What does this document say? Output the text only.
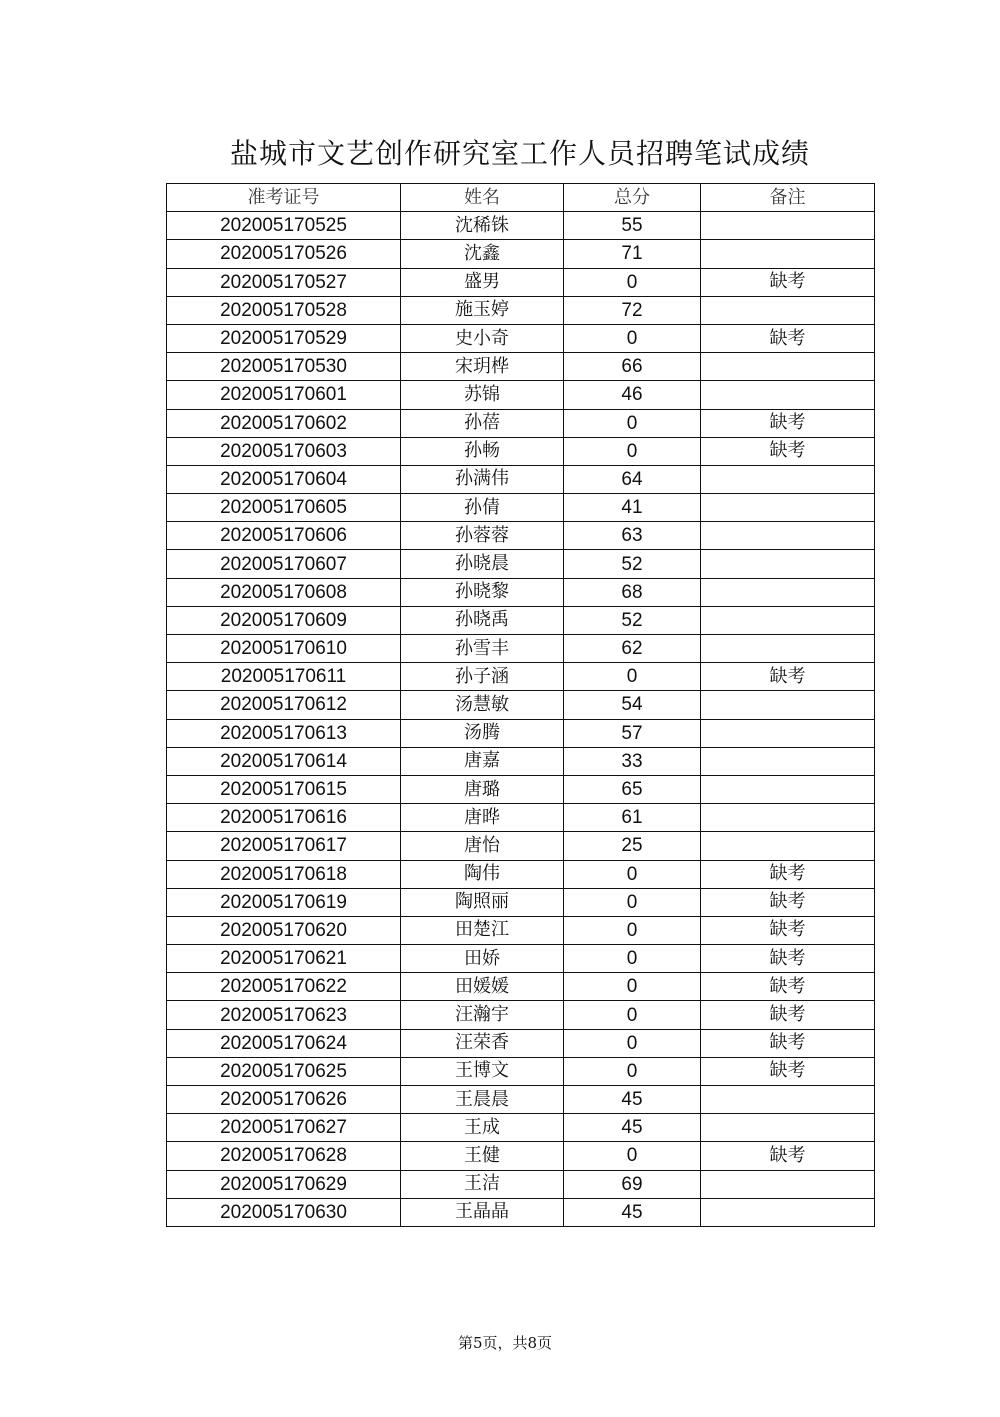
盐城市文艺创作研究室工作人员招聘笔试成绩
准考证号	姓名	总分	备注
202005170525	沈稀铢	55	
202005170526	沈鑫	71	
202005170527	盛男	0	缺考
202005170528	施玉婷	72	
202005170529	史小奇	0	缺考
202005170530	宋玥桦	66	
202005170601	苏锦	46	
202005170602	孙蓓	0	缺考
202005170603	孙畅	0	缺考
202005170604	孙满伟	64	
202005170605	孙倩	41	
202005170606	孙蓉蓉	63	
202005170607	孙晓晨	52	
202005170608	孙晓黎	68	
202005170609	孙晓禹	52	
202005170610	孙雪丰	62	
202005170611	孙子涵	0	缺考
202005170612	汤慧敏	54	
202005170613	汤腾	57	
202005170614	唐嘉	33	
202005170615	唐璐	65	
202005170616	唐晔	61	
202005170617	唐怡	25	
202005170618	陶伟	0	缺考
202005170619	陶照丽	0	缺考
202005170620	田楚江	0	缺考
202005170621	田娇	0	缺考
202005170622	田媛媛	0	缺考
202005170623	汪瀚宇	0	缺考
202005170624	汪荣香	0	缺考
202005170625	王博文	0	缺考
202005170626	王晨晨	45	
202005170627	王成	45	
202005170628	王健	0	缺考
202005170629	王洁	69	
202005170630	王晶晶	45	
第5页，共8页
